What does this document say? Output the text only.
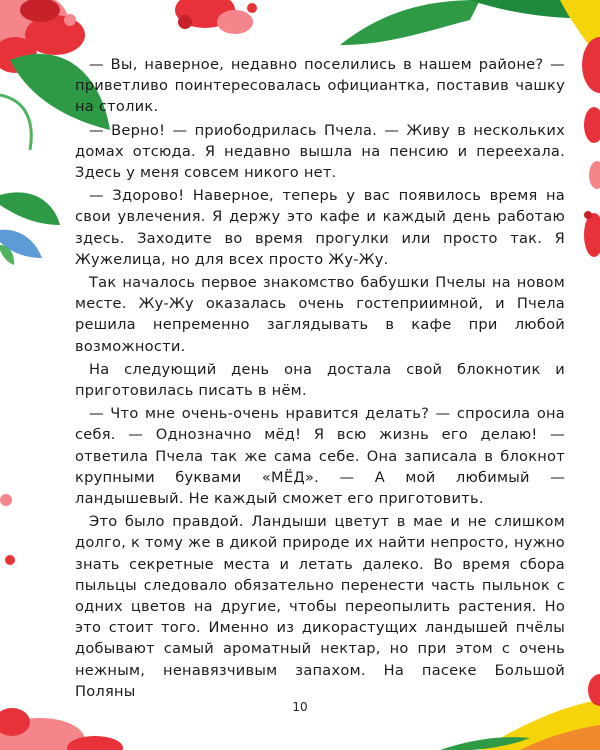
— Вы, наверное, недавно поселились в нашем районе? — приветливо поинтересовалась официантка, поставив чашку на столик.

— Верно! — приободрилась Пчела. — Живу в нескольких домах отсюда. Я недавно вышла на пенсию и переехала. Здесь у меня совсем никого нет.

— Здорово! Наверное, теперь у вас появилось время на свои увлечения. Я держу это кафе и каждый день работаю здесь. Заходите во время прогулки или просто так. Я Жужелица, но для всех просто Жу-Жу.

Так началось первое знакомство бабушки Пчелы на новом месте. Жу-Жу оказалась очень гостеприимной, и Пчела решила непременно заглядывать в кафе при любой возможности.

На следующий день она достала свой блокнотик и приготовилась писать в нём.

— Что мне очень-очень нравится делать? — спросила она себя. — Однозначно мёд! Я всю жизнь его делаю! — ответила Пчела так же сама себе. Она записала в блокнот крупными буквами «МЁД». — А мой любимый — ландышевый. Не каждый сможет его приготовить.

Это было правдой. Ландыши цветут в мае и не слишком долго, к тому же в дикой природе их найти непросто, нужно знать секретные места и летать далеко. Во время сбора пыльцы следовало обязательно перенести часть пыльнок с одних цветов на другие, чтобы переопылить растения. Но это стоит того. Именно из дикорастущих ландышей пчёлы добывают самый ароматный нектар, но при этом с очень нежным, ненавязчивым запахом. На пасеке Большой Поляны

10
